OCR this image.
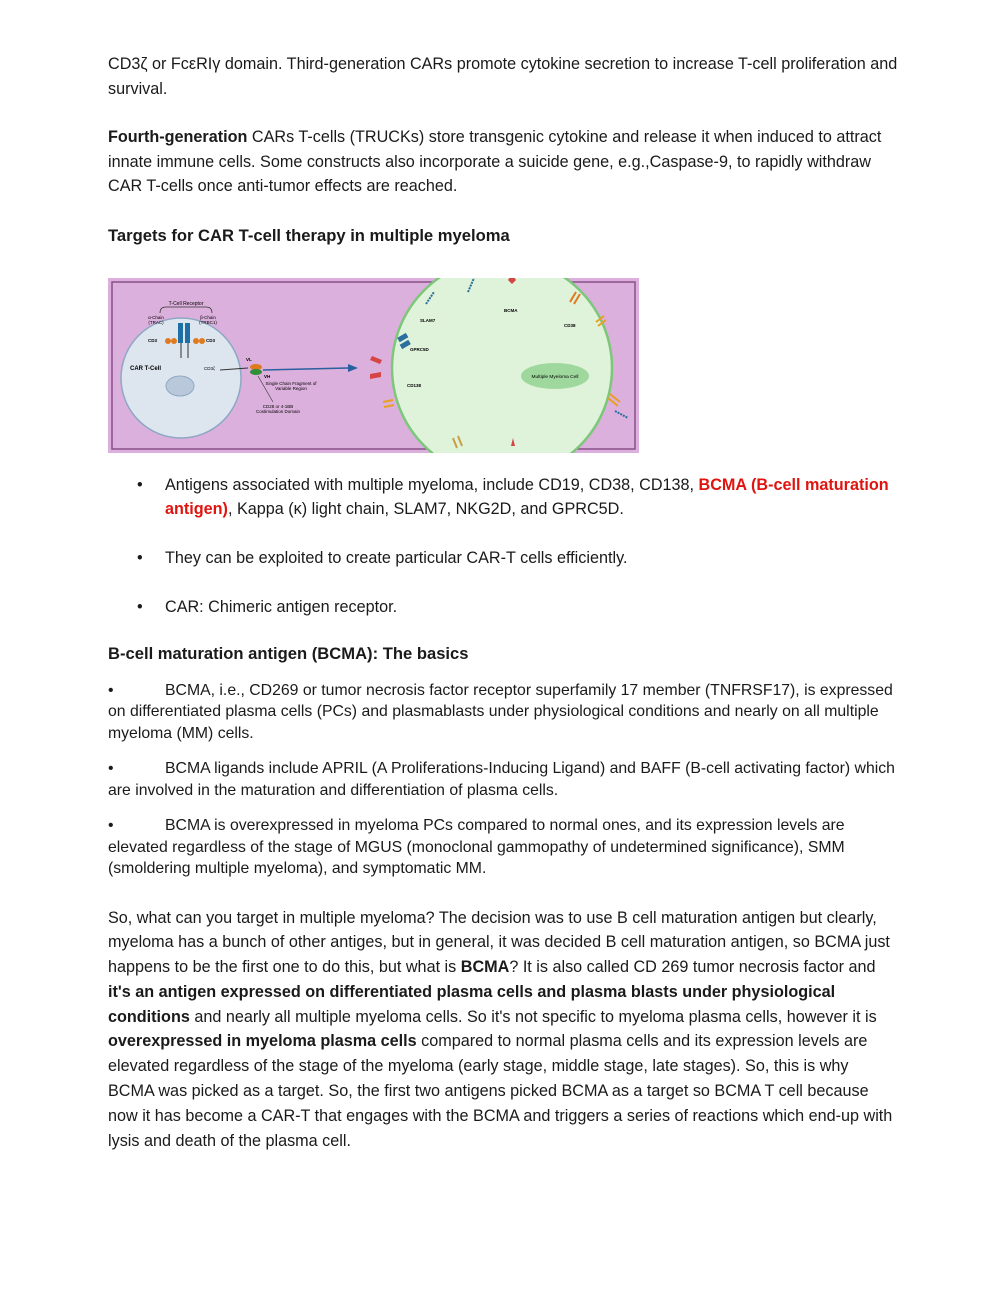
CD3ζ or FcεRIγ domain. Third-generation CARs promote cytokine secretion to increase T-cell proliferation and survival.

Fourth-generation CARs T-cells (TRUCKs) store transgenic cytokine and release it when induced to attract innate immune cells. Some constructs also incorporate a suicide gene, e.g.,Caspase-9, to rapidly withdraw CAR T-cells once anti-tumor effects are reached.

Targets for CAR T-cell therapy in multiple myeloma

T-Cell Receptor
α-Chain
(TRAC)
β-Chain
(TRBC1)
CD3	CD3
CAR T-Cell	CD3ζ
VL
VH
Single Chain Fragment of
Variable Region
CD28 or 4-1BB
Costimulation Domain
Multiple Myeloma Cell
SLAM7
BCMA
CD38
GPRC5D
CD138
• Antigens associated with multiple myeloma, include CD19, CD38, CD138, BCMA (B-cell maturation antigen), Kappa (κ) light chain, SLAM7, NKG2D, and GPRC5D.
• They can be exploited to create particular CAR-T cells efficiently.
• CAR: Chimeric antigen receptor.

B-cell maturation antigen (BCMA): The basics

•	BCMA, i.e., CD269 or tumor necrosis factor receptor superfamily 17 member (TNFRSF17), is expressed on differentiated plasma cells (PCs) and plasmablasts under physiological conditions and nearly on all multiple myeloma (MM) cells.

•	BCMA ligands include APRIL (A Proliferations-Inducing Ligand) and BAFF (B-cell activating factor) which are involved in the maturation and differentiation of plasma cells.

•	BCMA is overexpressed in myeloma PCs compared to normal ones, and its expression levels are elevated regardless of the stage of MGUS (monoclonal gammopathy of undetermined significance), SMM (smoldering multiple myeloma), and symptomatic MM.

So, what can you target in multiple myeloma? The decision was to use B cell maturation antigen but clearly, myeloma has a bunch of other antiges, but in general, it was decided B cell maturation antigen, so BCMA just happens to be the first one to do this, but what is BCMA? It is also called CD 269 tumor necrosis factor and it's an antigen expressed on differentiated plasma cells and plasma blasts under physiological conditions and nearly all multiple myeloma cells. So it's not specific to myeloma plasma cells, however it is overexpressed in myeloma plasma cells compared to normal plasma cells and its expression levels are elevated regardless of the stage of the myeloma (early stage, middle stage, late stages). So, this is why BCMA was picked as a target. So, the first two antigens picked BCMA as a target so BCMA T cell because now it has become a CAR-T that engages with the BCMA and triggers a series of reactions which end-up with lysis and death of the plasma cell.
